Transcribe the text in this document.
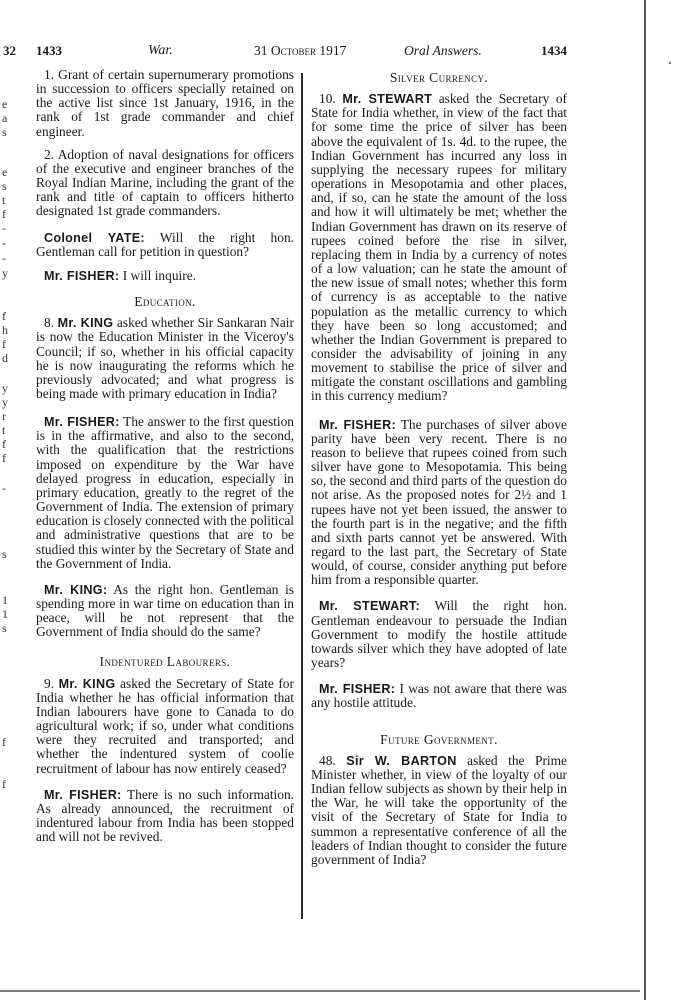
e
a
s
e
s
t
f
-
-
-
y
f
h
f
d
y
y
r
t
f
f
-
s
1
1
s
f
f
32 1433	War.	31 October 1917	Oral Answers.	1434
‘

1. Grant of certain supernumerary promotions in succession to officers specially retained on the active list since 1st January, 1916, in the rank of 1st grade commander and chief engineer.

2. Adoption of naval designations for officers of the executive and engineer branches of the Royal Indian Marine, including the grant of the rank and title of captain to officers hitherto designated 1st grade commanders.

Colonel YATE: Will the right hon. Gentleman call for petition in question?

Mr. FISHER: I will inquire.

Education.

8. Mr. KING asked whether Sir Sankaran Nair is now the Education Minister in the Viceroy's Council; if so, whether in his official capacity he is now inaugurating the reforms which he previously advocated; and what progress is being made with primary education in India?

Mr. FISHER: The answer to the first question is in the affirmative, and also to the second, with the qualification that the restrictions imposed on expenditure by the War have delayed progress in education, especially in primary education, greatly to the regret of the Government of India. The extension of primary education is closely connected with the political and administrative questions that are to be studied this winter by the Secretary of State and the Government of India.

Mr. KING: As the right hon. Gentleman is spending more in war time on education than in peace, will he not represent that the Government of India should do the same?

Indentured Labourers.

9. Mr. KING asked the Secretary of State for India whether he has official information that Indian labourers have gone to Canada to do agricultural work; if so, under what conditions were they recruited and transported; and whether the indentured system of coolie recruitment of labour has now entirely ceased?

Mr. FISHER: There is no such information. As already announced, the recruitment of indentured labour from India has been stopped and will not be revived.

Silver Currency.

10. Mr. STEWART asked the Secretary of State for India whether, in view of the fact that for some time the price of silver has been above the equivalent of 1s. 4d. to the rupee, the Indian Government has incurred any loss in supplying the necessary rupees for military operations in Mesopotamia and other places, and, if so, can he state the amount of the loss and how it will ultimately be met; whether the Indian Government has drawn on its reserve of rupees coined before the rise in silver, replacing them in India by a currency of notes of a low valuation; can he state the amount of the new issue of small notes; whether this form of currency is as acceptable to the native population as the metallic currency to which they have been so long accustomed; and whether the Indian Government is prepared to consider the advisability of joining in any movement to stabilise the price of silver and mitigate the constant oscillations and gambling in this currency medium?

Mr. FISHER: The purchases of silver above parity have been very recent. There is no reason to believe that rupees coined from such silver have gone to Mesopotamia. This being so, the second and third parts of the question do not arise. As the proposed notes for 2½ and 1 rupees have not yet been issued, the answer to the fourth part is in the negative; and the fifth and sixth parts cannot yet be answered. With regard to the last part, the Secretary of State would, of course, consider anything put before him from a responsible quarter.

Mr. STEWART: Will the right hon. Gentleman endeavour to persuade the Indian Government to modify the hostile attitude towards silver which they have adopted of late years?

Mr. FISHER: I was not aware that there was any hostile attitude.

Future Government.

48. Sir W. BARTON asked the Prime Minister whether, in view of the loyalty of our Indian fellow subjects as shown by their help in the War, he will take the opportunity of the visit of the Secretary of State for India to summon a representative conference of all the leaders of Indian thought to consider the future government of India?
